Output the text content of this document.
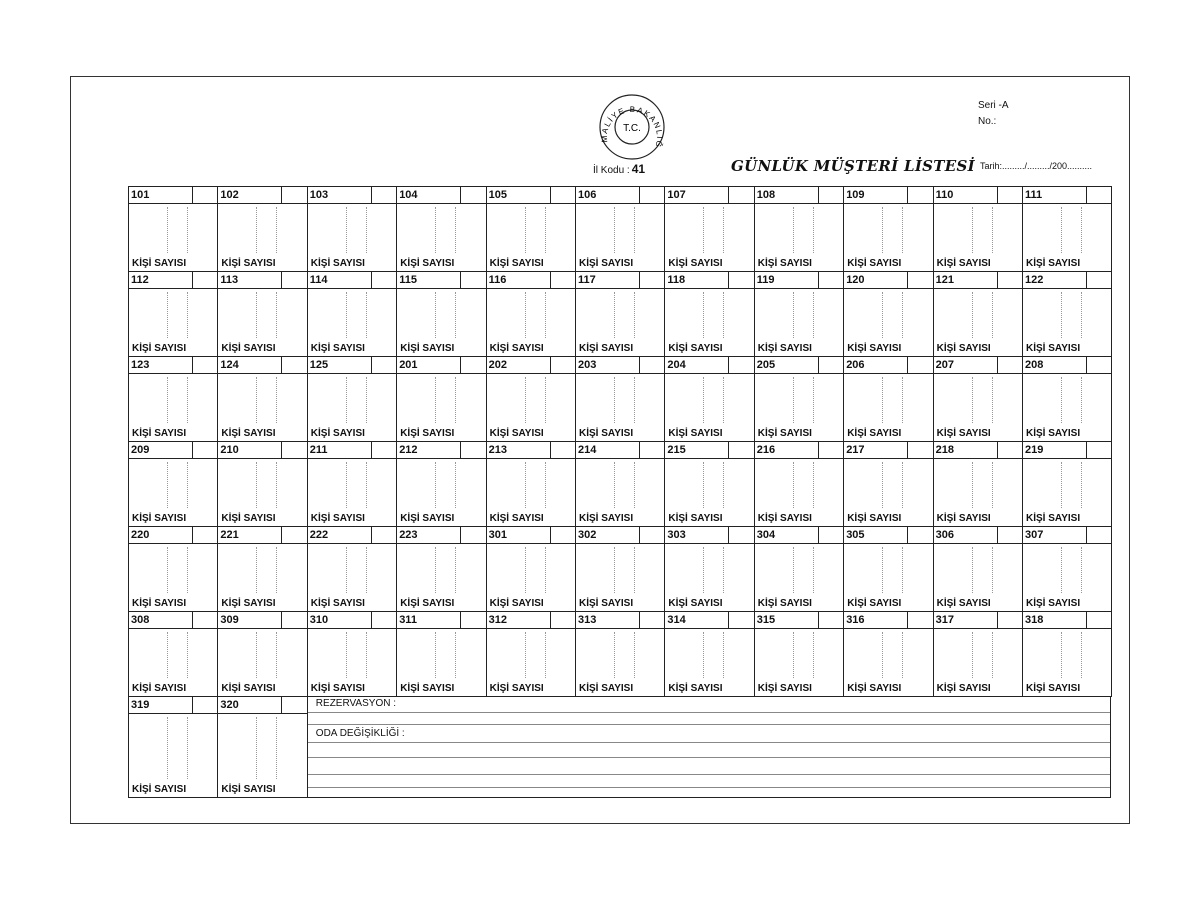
MALİYE BAKANLIĞ
T.C.
İl Kodu : 41	GÜNLÜK MÜŞTERİ LİSTESİ
Seri -A
No.:
Tarih:........./........./200..........
101
KİŞİ SAYISI
102
KİŞİ SAYISI
103
KİŞİ SAYISI
104
KİŞİ SAYISI
105
KİŞİ SAYISI
106
KİŞİ SAYISI
107
KİŞİ SAYISI
108
KİŞİ SAYISI
109
KİŞİ SAYISI
110
KİŞİ SAYISI
111
KİŞİ SAYISI
112
KİŞİ SAYISI
113
KİŞİ SAYISI
114
KİŞİ SAYISI
115
KİŞİ SAYISI
116
KİŞİ SAYISI
117
KİŞİ SAYISI
118
KİŞİ SAYISI
119
KİŞİ SAYISI
120
KİŞİ SAYISI
121
KİŞİ SAYISI
122
KİŞİ SAYISI
123
KİŞİ SAYISI
124
KİŞİ SAYISI
125
KİŞİ SAYISI
201
KİŞİ SAYISI
202
KİŞİ SAYISI
203
KİŞİ SAYISI
204
KİŞİ SAYISI
205
KİŞİ SAYISI
206
KİŞİ SAYISI
207
KİŞİ SAYISI
208
KİŞİ SAYISI
209
KİŞİ SAYISI
210
KİŞİ SAYISI
211
KİŞİ SAYISI
212
KİŞİ SAYISI
213
KİŞİ SAYISI
214
KİŞİ SAYISI
215
KİŞİ SAYISI
216
KİŞİ SAYISI
217
KİŞİ SAYISI
218
KİŞİ SAYISI
219
KİŞİ SAYISI
220
KİŞİ SAYISI
221
KİŞİ SAYISI
222
KİŞİ SAYISI
223
KİŞİ SAYISI
301
KİŞİ SAYISI
302
KİŞİ SAYISI
303
KİŞİ SAYISI
304
KİŞİ SAYISI
305
KİŞİ SAYISI
306
KİŞİ SAYISI
307
KİŞİ SAYISI
308
KİŞİ SAYISI
309
KİŞİ SAYISI
310
KİŞİ SAYISI
311
KİŞİ SAYISI
312
KİŞİ SAYISI
313
KİŞİ SAYISI
314
KİŞİ SAYISI
315
KİŞİ SAYISI
316
KİŞİ SAYISI
317
KİŞİ SAYISI
318
KİŞİ SAYISI
319
KİŞİ SAYISI
320
KİŞİ SAYISI
REZERVASYON :
ODA DEĞİŞİKLİĞİ :
